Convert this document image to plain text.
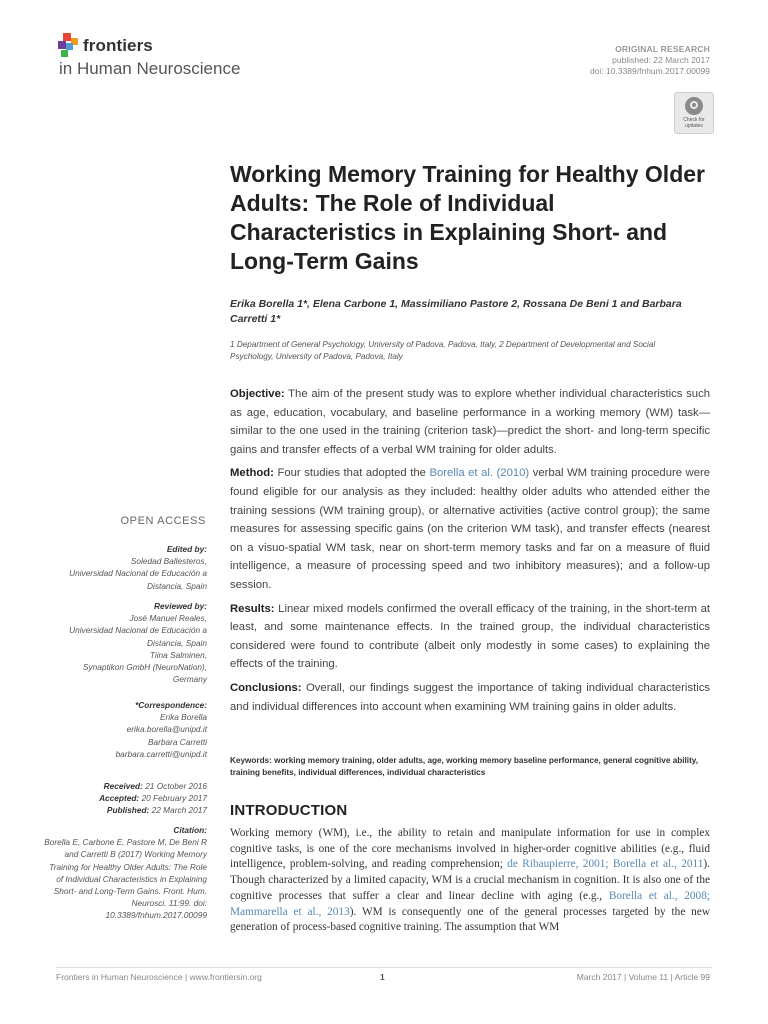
frontiers
in Human Neuroscience
ORIGINAL RESEARCH
published: 22 March 2017
doi: 10.3389/fnhum.2017.00099
Check for updates
Working Memory Training for Healthy Older Adults: The Role of Individual Characteristics in Explaining Short- and Long-Term Gains
Erika Borella 1*, Elena Carbone 1, Massimiliano Pastore 2, Rossana De Beni 1 and Barbara Carretti 1*
1 Department of General Psychology, University of Padova, Padova, Italy, 2 Department of Developmental and Social Psychology, University of Padova, Padova, Italy

Objective: The aim of the present study was to explore whether individual characteristics such as age, education, vocabulary, and baseline performance in a working memory (WM) task—similar to the one used in the training (criterion task)—predict the short- and long-term specific gains and transfer effects of a verbal WM training for older adults.

Method: Four studies that adopted the Borella et al. (2010) verbal WM training procedure were found eligible for our analysis as they included: healthy older adults who attended either the training sessions (WM training group), or alternative activities (active control group); the same measures for assessing specific gains (on the criterion WM task), and transfer effects (nearest on a visuo-spatial WM task, near on short-term memory tasks and far on a measure of fluid intelligence, a measure of processing speed and two inhibitory measures); and a follow-up session.

Results: Linear mixed models confirmed the overall efficacy of the training, in the short-term at least, and some maintenance effects. In the trained group, the individual characteristics considered were found to contribute (albeit only modestly in some cases) to explaining the effects of the training.

Conclusions: Overall, our findings suggest the importance of taking individual characteristics and individual differences into account when examining WM training gains in older adults.

Keywords: working memory training, older adults, age, working memory baseline performance, general cognitive ability, training benefits, individual differences, individual characteristics
INTRODUCTION
Working memory (WM), i.e., the ability to retain and manipulate information for use in complex cognitive tasks, is one of the core mechanisms involved in higher-order cognitive abilities (e.g., fluid intelligence, problem-solving, and reading comprehension; de Ribaupierre, 2001; Borella et al., 2011). Though characterized by a limited capacity, WM is a crucial mechanism in cognition. It is also one of the cognitive processes that suffer a clear and linear decline with aging (e.g., Borella et al., 2008; Mammarella et al., 2013). WM is consequently one of the general processes targeted by the new generation of process-based cognitive training. The assumption that WM
OPEN ACCESS
Edited by:
Soledad Ballesteros,
Universidad Nacional de Educación a Distancia, Spain
Reviewed by:
José Manuel Reales,
Universidad Nacional de Educación a Distancia, Spain
Tiina Salminen,
Synaptikon GmbH (NeuroNation), Germany
*Correspondence:
Erika Borella
erika.borella@unipd.it
Barbara Carretti
barbara.carretti@unipd.it
Received: 21 October 2016
Accepted: 20 February 2017
Published: 22 March 2017
Citation:
Borella E, Carbone E, Pastore M, De Beni R and Carretti B (2017) Working Memory Training for Healthy Older Adults: The Role of Individual Characteristics in Explaining Short- and Long-Term Gains. Front. Hum. Neurosci. 11:99. doi: 10.3389/fnhum.2017.00099
Frontiers in Human Neuroscience | www.frontiersin.org	1	March 2017 | Volume 11 | Article 99
